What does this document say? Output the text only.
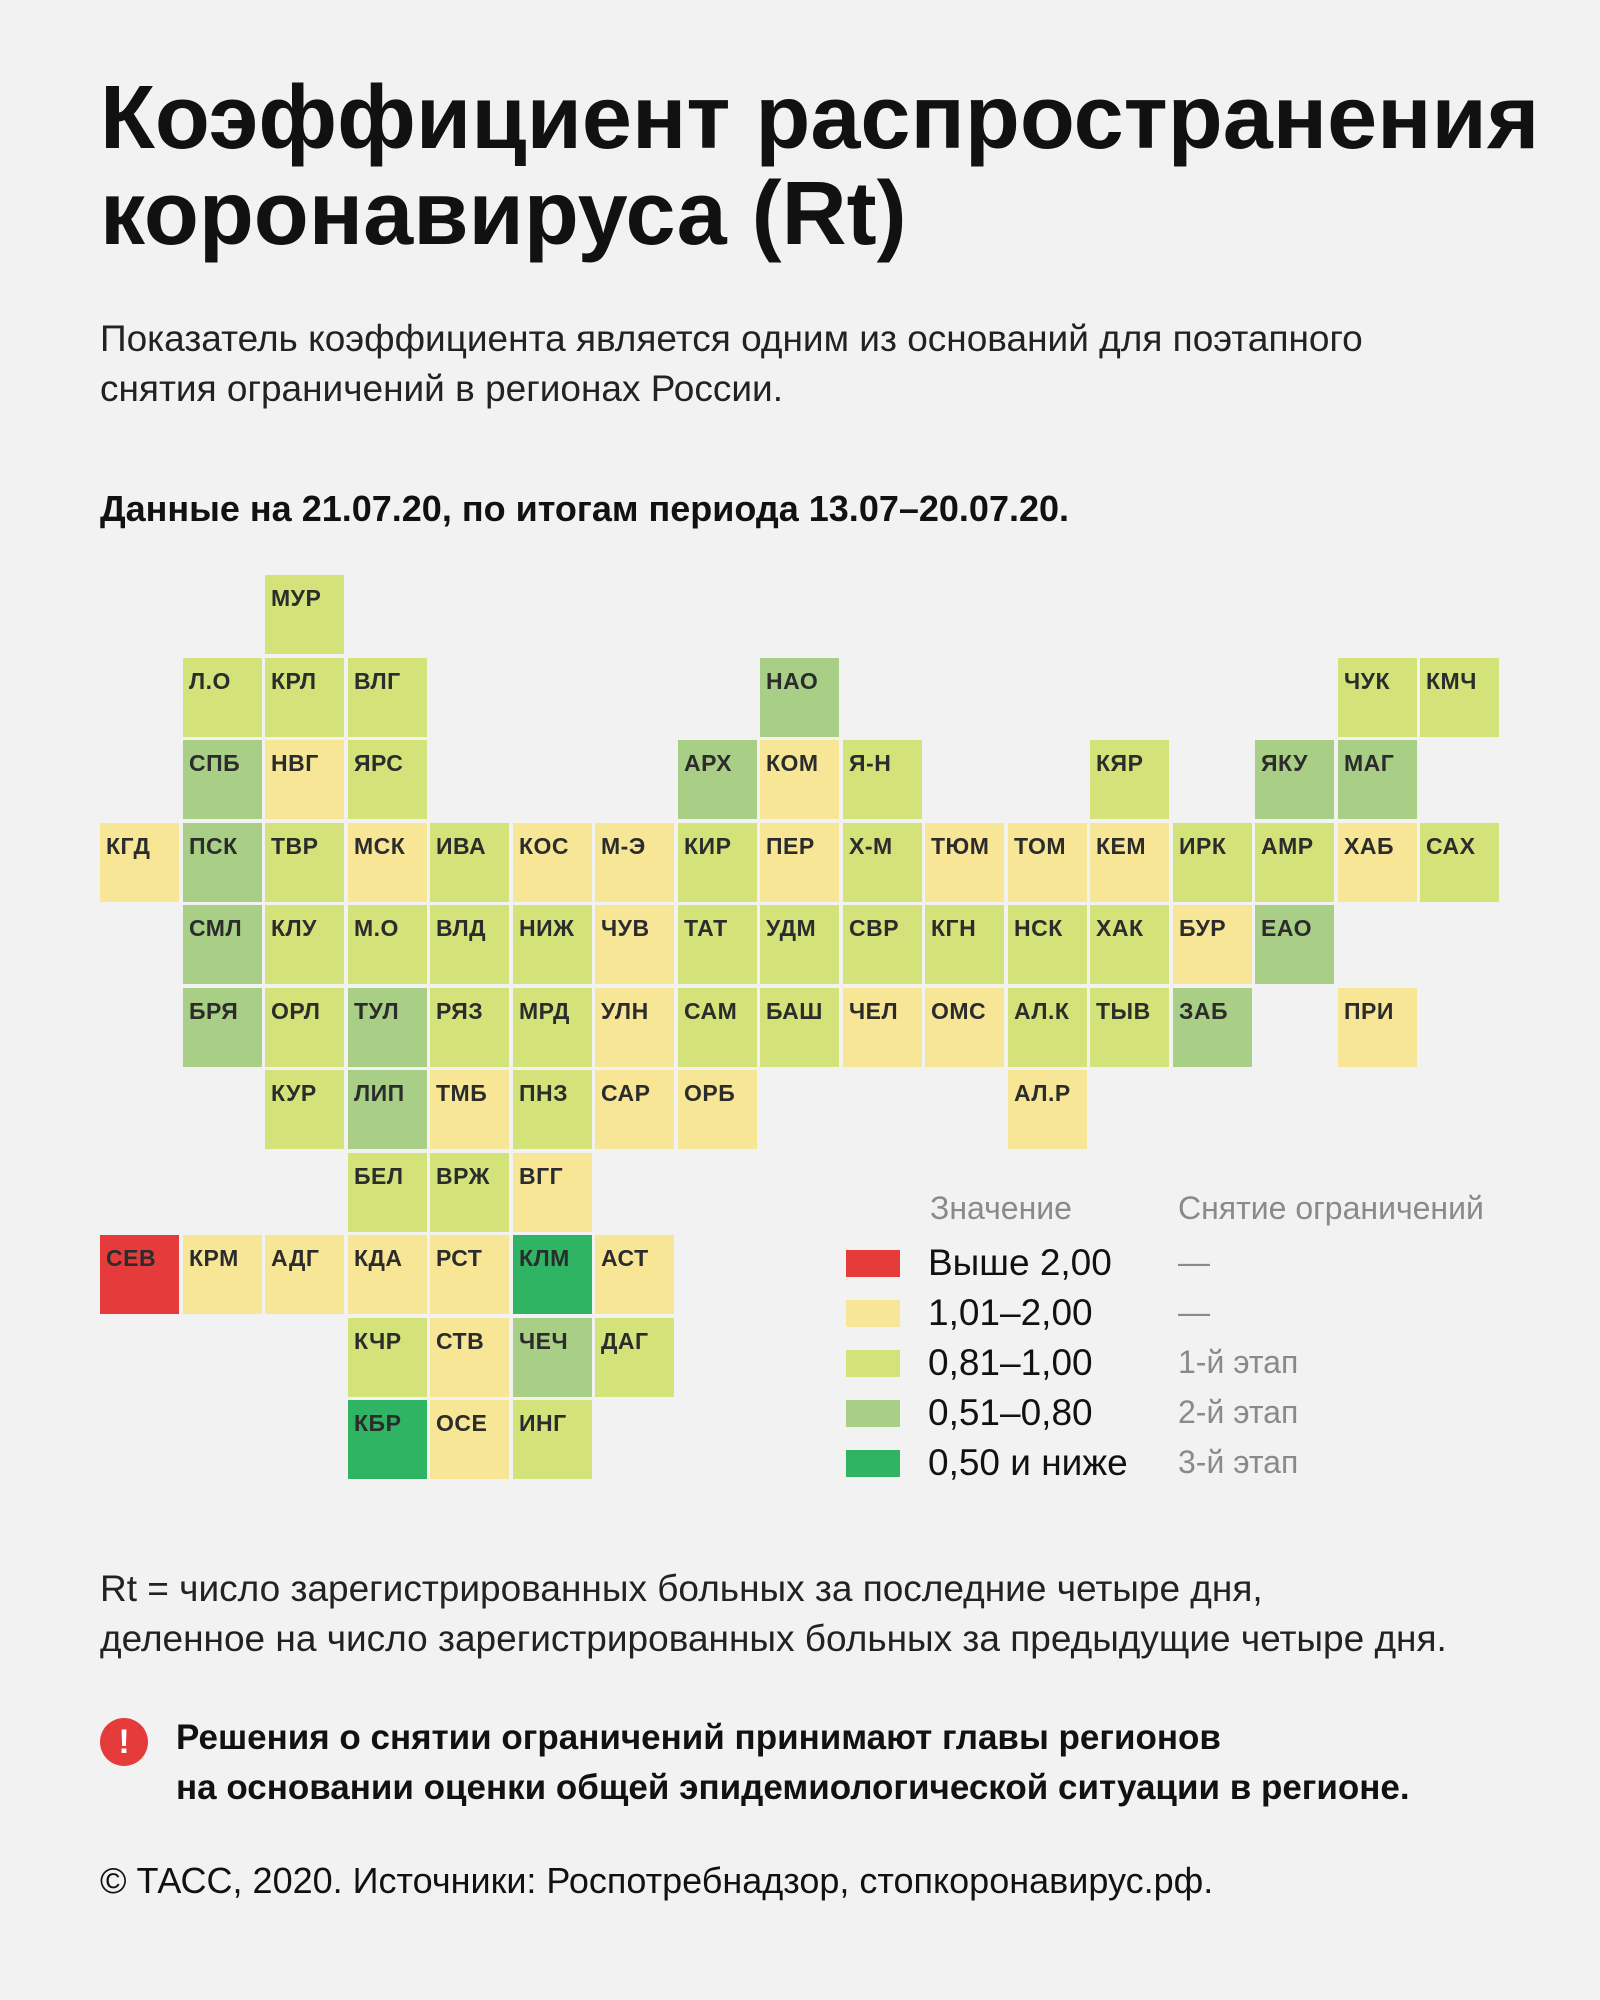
Коэффициент распространения
коронавируса (Rt)
Показатель коэффициента является одним из оснований для поэтапного
снятия ограничений в регионах России.
Данные на 21.07.20, по итогам периода 13.07–20.07.20.
МУР
Л.О КРЛ ВЛГ	НАО	ЧУК КМЧ
СПБ НВГ ЯРС	АРХ КОМ Я-Н	КЯР	ЯКУ МАГ
КГД ПСК ТВР МСК ИВА КОС М-Э КИР ПЕР Х-М ТЮМ ТОМ КЕМ ИРК АМР ХАБ САХ
СМЛ КЛУ М.О ВЛД НИЖ ЧУВ ТАТ УДМ СВР КГН НСК ХАК БУР ЕАО
БРЯ ОРЛ ТУЛ РЯЗ МРД УЛН САМ БАШ ЧЕЛ ОМС АЛ.К ТЫВ ЗАБ	ПРИ
КУР ЛИП ТМБ ПНЗ САР ОРБ	АЛ.Р
БЕЛ ВРЖ ВГГ
СЕВ КРМ АДГ КДА РСТ КЛМ АСТ
КЧР СТВ ЧЕЧ ДАГ
КБР ОСЕ ИНГ
Значение	Снятие ограничений
Выше 2,00 —
1,01–2,00	—
0,81–1,00	1-й этап
0,51–0,80	2-й этап
0,50 и ниже 3-й этап
Rt = число зарегистрированных больных за последние четыре дня,
деленное на число зарегистрированных больных за предыдущие четыре дня.
!	Решения о снятии ограничений принимают главы регионов
на основании оценки общей эпидемиологической ситуации в регионе.
© ТАСС, 2020. Источники: Роспотребнадзор, стопкоронавирус.рф.
